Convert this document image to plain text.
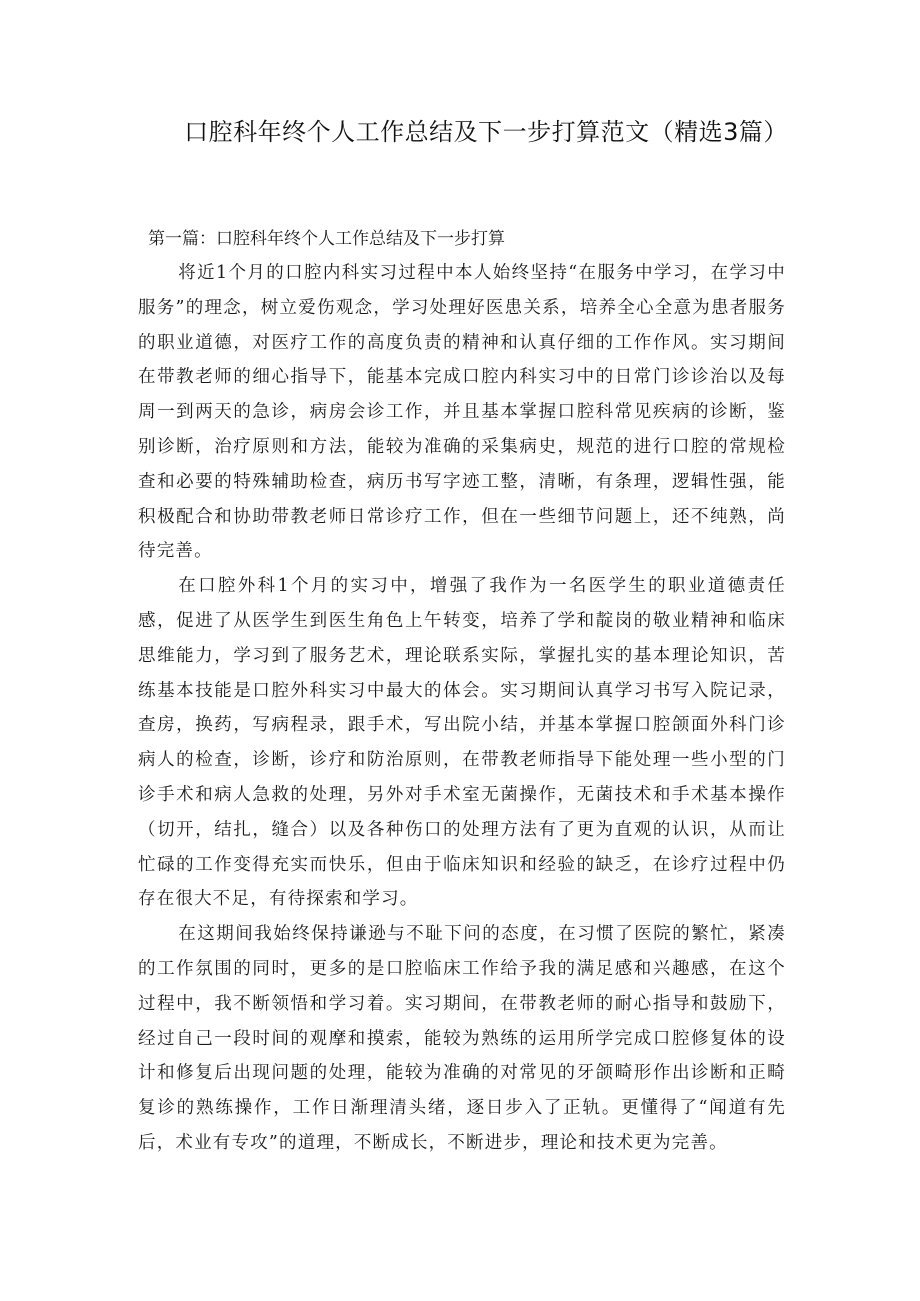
口腔科年终个人工作总结及下一步打算范文（精选3篇）
第一篇：口腔科年终个人工作总结及下一步打算

将近1个月的口腔内科实习过程中本人始终坚持“在服务中学习，在学习中服务”的理念，树立爱伤观念，学习处理好医患关系，培养全心全意为患者服务的职业道德，对医疗工作的高度负责的精神和认真仔细的工作作风。实习期间在带教老师的细心指导下，能基本完成口腔内科实习中的日常门诊诊治以及每周一到两天的急诊，病房会诊工作，并且基本掌握口腔科常见疾病的诊断，鉴别诊断，治疗原则和方法，能较为准确的采集病史，规范的进行口腔的常规检查和必要的特殊辅助检查，病历书写字迹工整，清晰，有条理，逻辑性强，能积极配合和协助带教老师日常诊疗工作，但在一些细节问题上，还不纯熟，尚待完善。

在口腔外科1个月的实习中，增强了我作为一名医学生的职业道德责任感，促进了从医学生到医生角色上午转变，培养了学和靛岗的敬业精神和临床思维能力，学习到了服务艺术，理论联系实际，掌握扎实的基本理论知识，苦练基本技能是口腔外科实习中最大的体会。实习期间认真学习书写入院记录，查房，换药，写病程录，跟手术，写出院小结，并基本掌握口腔颌面外科门诊病人的检查，诊断，诊疗和防治原则，在带教老师指导下能处理一些小型的门诊手术和病人急救的处理，另外对手术室无菌操作，无菌技术和手术基本操作（切开，结扎，缝合）以及各种伤口的处理方法有了更为直观的认识，从而让忙碌的工作变得充实而快乐，但由于临床知识和经验的缺乏，在诊疗过程中仍存在很大不足，有待探索和学习。

在这期间我始终保持谦逊与不耻下问的态度，在习惯了医院的繁忙，紧凑的工作氛围的同时，更多的是口腔临床工作给予我的满足感和兴趣感，在这个过程中，我不断领悟和学习着。实习期间，在带教老师的耐心指导和鼓励下，经过自己一段时间的观摩和摸索，能较为熟练的运用所学完成口腔修复体的设计和修复后出现问题的处理，能较为准确的对常见的牙颌畸形作出诊断和正畸复诊的熟练操作，工作日渐理清头绪，逐日步入了正轨。更懂得了“闻道有先后，术业有专攻”的道理，不断成长，不断进步，理论和技术更为完善。
